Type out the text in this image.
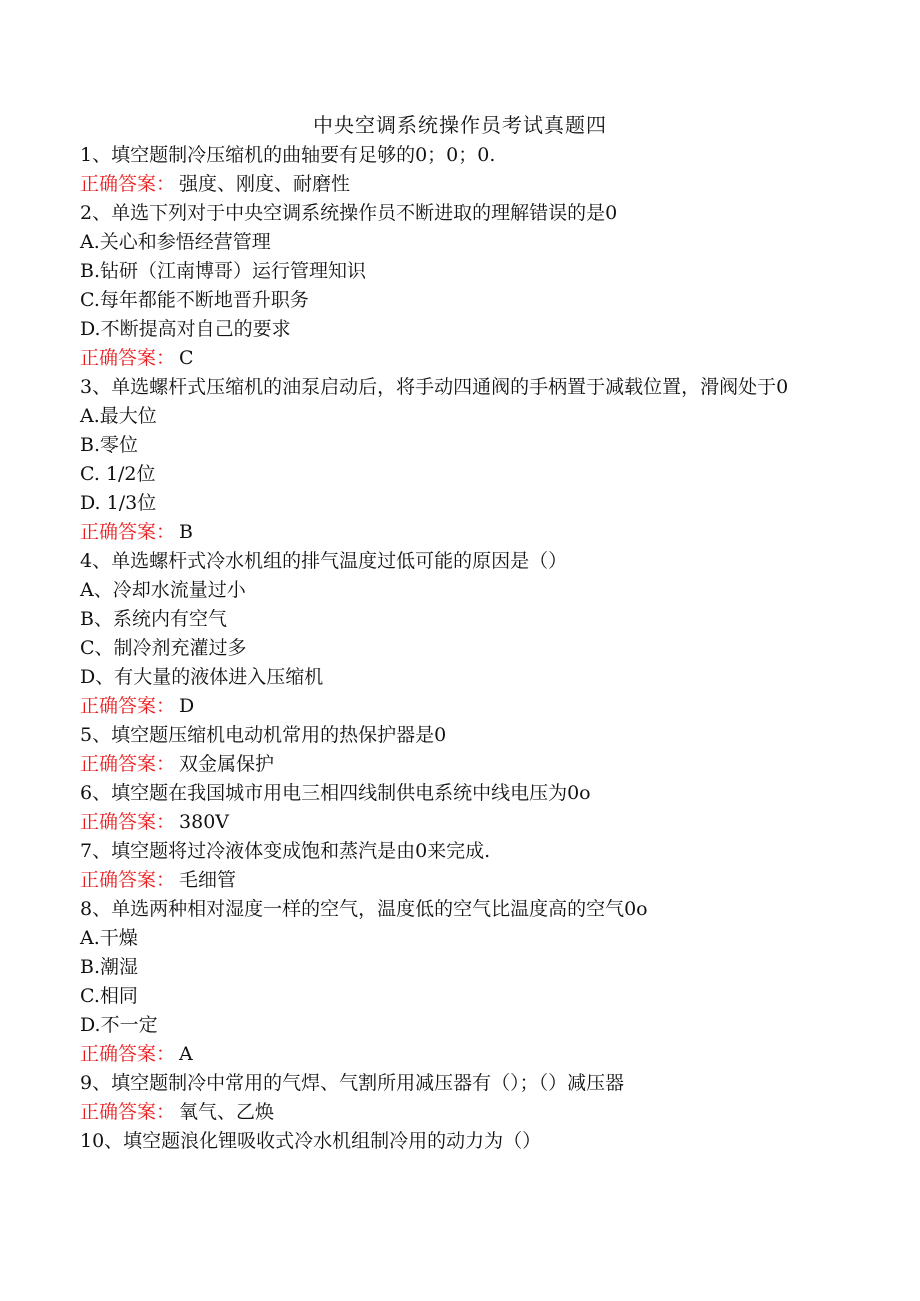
中央空调系统操作员考试真题四
1、填空题制冷压缩机的曲轴要有足够的0；0；0.
正确答案： 强度、刚度、耐磨性
2、单选下列对于中央空调系统操作员不断进取的理解错误的是0
A.关心和参悟经营管理
B.钻研（江南博哥）运行管理知识
C.每年都能不断地晋升职务
D.不断提高对自己的要求
正确答案： C
3、单选螺杆式压缩机的油泵启动后，将手动四通阀的手柄置于减载位置，滑阀处于0
A.最大位
B.零位
C. 1/2位
D. 1/3位
正确答案： B
4、单选螺杆式冷水机组的排气温度过低可能的原因是（）
A、冷却水流量过小
B、系统内有空气
C、制冷剂充灌过多
D、有大量的液体进入压缩机
正确答案： D
5、填空题压缩机电动机常用的热保护器是0
正确答案： 双金属保护
6、填空题在我国城市用电三相四线制供电系统中线电压为0o
正确答案： 380V
7、填空题将过冷液体变成饱和蒸汽是由0来完成.
正确答案： 毛细管
8、单选两种相对湿度一样的空气，温度低的空气比温度高的空气0o
A.干燥
B.潮湿
C.相同
D.不一定
正确答案： A
9、填空题制冷中常用的气焊、气割所用减压器有（）；（）减压器
正确答案： 氧气、乙焕
10、填空题浪化锂吸收式冷水机组制冷用的动力为（）
